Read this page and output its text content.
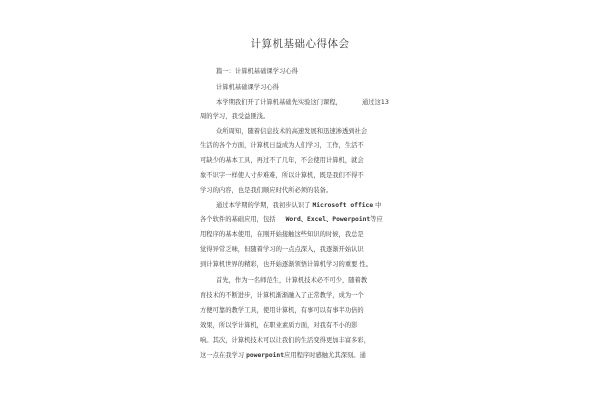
计算机基础心得体会
篇一：计算机基础课学习心得
计算机基础课学习心得
本学期我们开了计算机基础先实验这门课程，	通过这13
周的学习，我受益匪浅。
众所周知，随着信息技术的高速发展和迅速渗透到社会
生活的各个方面，计算机日益成为人们学习，工作，生活不
可缺少的基本工具，再过不了几年，不会使用计算机，就会
象不识字一样使人寸步难难，所以计算机，既是我们不得不
学习的内容，也是我们顺应时代所必须的装备。
通过本学期的学期，我初步认识了 Microsoft office 中
各个软件的基础应用，包括 Word、Excel、Powerpoint等应
用程序的基本使用，在刚开始接触这些知识的时候，我总是
觉得异常乏味，但随着学习的一点点深入，我逐渐开始认识
到计算机世界的精彩，也开始逐渐领悟计算机学习的重要 性。
首先，作为一名师范生，计算机技术必不可少，随着教
育技术的不断进步，计算机渐渐融入了正常教学，成为一个
方便可靠的教学工具，使用计算机，有事可以有事半功倍的
效果，所以学计算机，在职业素质方面，对我有不小的影
响。其次，计算机技术可以让我们的生活变得更加丰富多彩，
这一点在我学习 powerpoint应用程序时感触尤其深刻。通
